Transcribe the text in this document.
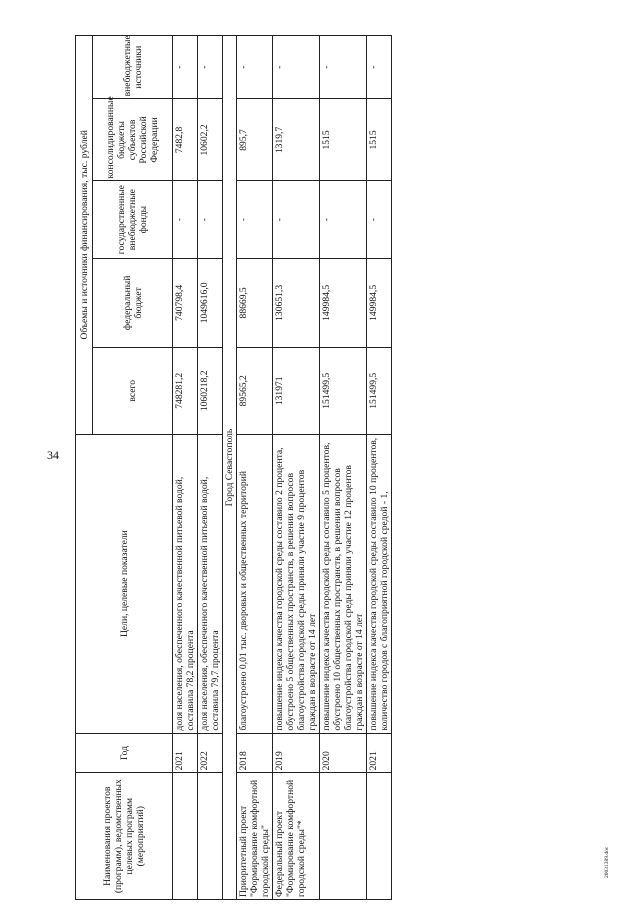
34
20031389.doc
Наименования проектов (программ), ведомственных целевых программ (мероприятий)	Год	Цели, целевые показатели	Объемы и источники финансирования, тыс. рублей				
			всего	федеральный бюджет	государственные внебюджетные фонды	консолидированные бюджеты субъектов Российской Федерации	внебюджетные источники
	2021	доля населения, обеспеченного качественной питьевой водой, составила 78,2 процента	748281,2	740798,4	-	7482,8	-
	2022	доля населения, обеспеченного качественной питьевой водой, составила 79,7 процента	1060218,2	1049616,0	-	10602,2	-
Город Севастополь							
Приоритетный проект "Формирование комфортной городской среды"	2018	благоустроено 0,01 тыс. дворовых и общественных территорий	89565,2	88669,5	-	895,7	-
Федеральный проект "Формирование комфортной городской среды"*	2019	повышение индекса качества городской среды составило 2 процента, обустроено 5 общественных пространств, в решении вопросов благоустройства городской среды приняли участие 9 процентов граждан в возрасте от 14 лет	131971	130651,3	-	1319,7	-
	2020	повышение индекса качества городской среды составило 5 процентов, обустроено 10 общественных пространств, в решении вопросов благоустройства городской среды приняли участие 12 процентов граждан в возрасте от 14 лет	151499,5	149984,5	-	1515	-
	2021	повышение индекса качества городской среды составило 10 процентов, количество городов с благоприятной городской средой - 1,	151499,5	149984,5	-	1515	-
